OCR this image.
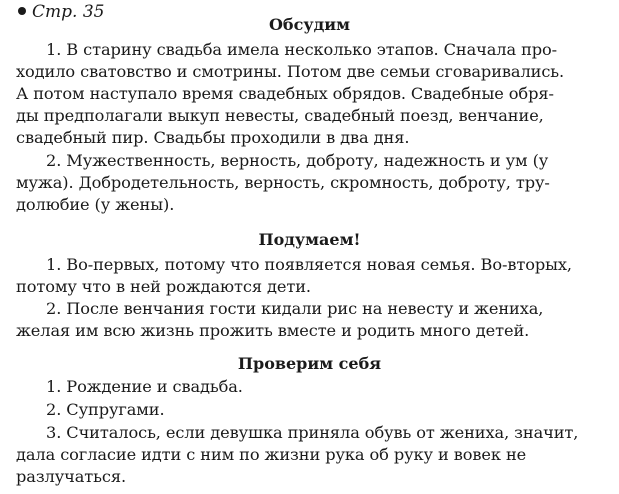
Стр. 35
Обсудим
1. В старину свадьба имела несколько этапов. Сначала про-
ходило сватовство и смотрины. Потом две семьи сговаривались.
А потом наступало время свадебных обрядов. Свадебные обря-
ды предполагали выкуп невесты, свадебный поезд, венчание,
свадебный пир. Свадьбы проходили в два дня.
2. Мужественность, верность, доброту, надежность и ум (у
мужа). Добродетельность, верность, скромность, доброту, тру-
долюбие (у жены).
Подумаем!
1. Во-первых, потому что появляется новая семья. Во-вторых,
потому что в ней рождаются дети.
2. После венчания гости кидали рис на невесту и жениха,
желая им всю жизнь прожить вместе и родить много детей.
Проверим себя
1. Рождение и свадьба.
2. Супругами.
3. Считалось, если девушка приняла обувь от жениха, значит,
дала согласие идти с ним по жизни рука об руку и вовек не
разлучаться.
